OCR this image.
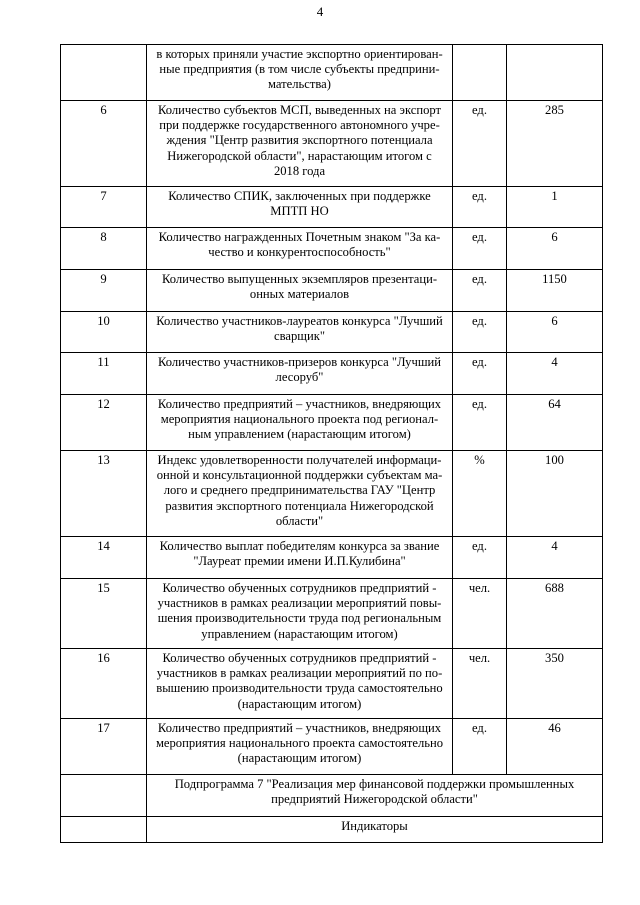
4

	в которых приняли участие экспортно ориентирован-
ные предприятия (в том числе субъекты предприни-
мательства)		

6	Количество субъектов МСП, выведенных на экспорт
при поддержке государственного автономного учре-
ждения "Центр развития экспортного потенциала
Нижегородской области", нарастающим итогом с
2018 года	ед.	285
7	Количество СПИК, заключенных при поддержке
МПТП НО	ед.	1
8	Количество награжденных Почетным знаком "За ка-
чество и конкурентоспособность"	ед.	6
9	Количество выпущенных экземпляров презентаци-
онных материалов	ед.	1150
10	Количество участников-лауреатов конкурса "Лучший
сварщик"	ед.	6
11	Количество участников-призеров конкурса "Лучший
лесоруб"	ед.	4
12	Количество предприятий – участников, внедряющих
мероприятия национального проекта под регионал-
ным управлением (нарастающим итогом)	ед.	64
13	Индекс удовлетворенности получателей информаци-
онной и консультационной поддержки субъектам ма-
лого и среднего предпринимательства ГАУ "Центр
развития экспортного потенциала Нижегородской
области"	%	100
14	Количество выплат победителям конкурса за звание
"Лауреат премии имени И.П.Кулибина"	ед.	4
15	Количество обученных сотрудников предприятий -
участников в рамках реализации мероприятий повы-
шения производительности труда под региональным
управлением (нарастающим итогом)	чел.	688
16	Количество обученных сотрудников предприятий -
участников в рамках реализации мероприятий по по-
вышению производительности труда самостоятельно
(нарастающим итогом)	чел.	350
17	Количество предприятий – участников, внедряющих
мероприятия национального проекта самостоятельно
(нарастающим итогом)	ед.	46

	Подпрограмма 7 "Реализация мер финансовой поддержки промышленных
предприятий Нижегородской области"		

	Индикаторы		
